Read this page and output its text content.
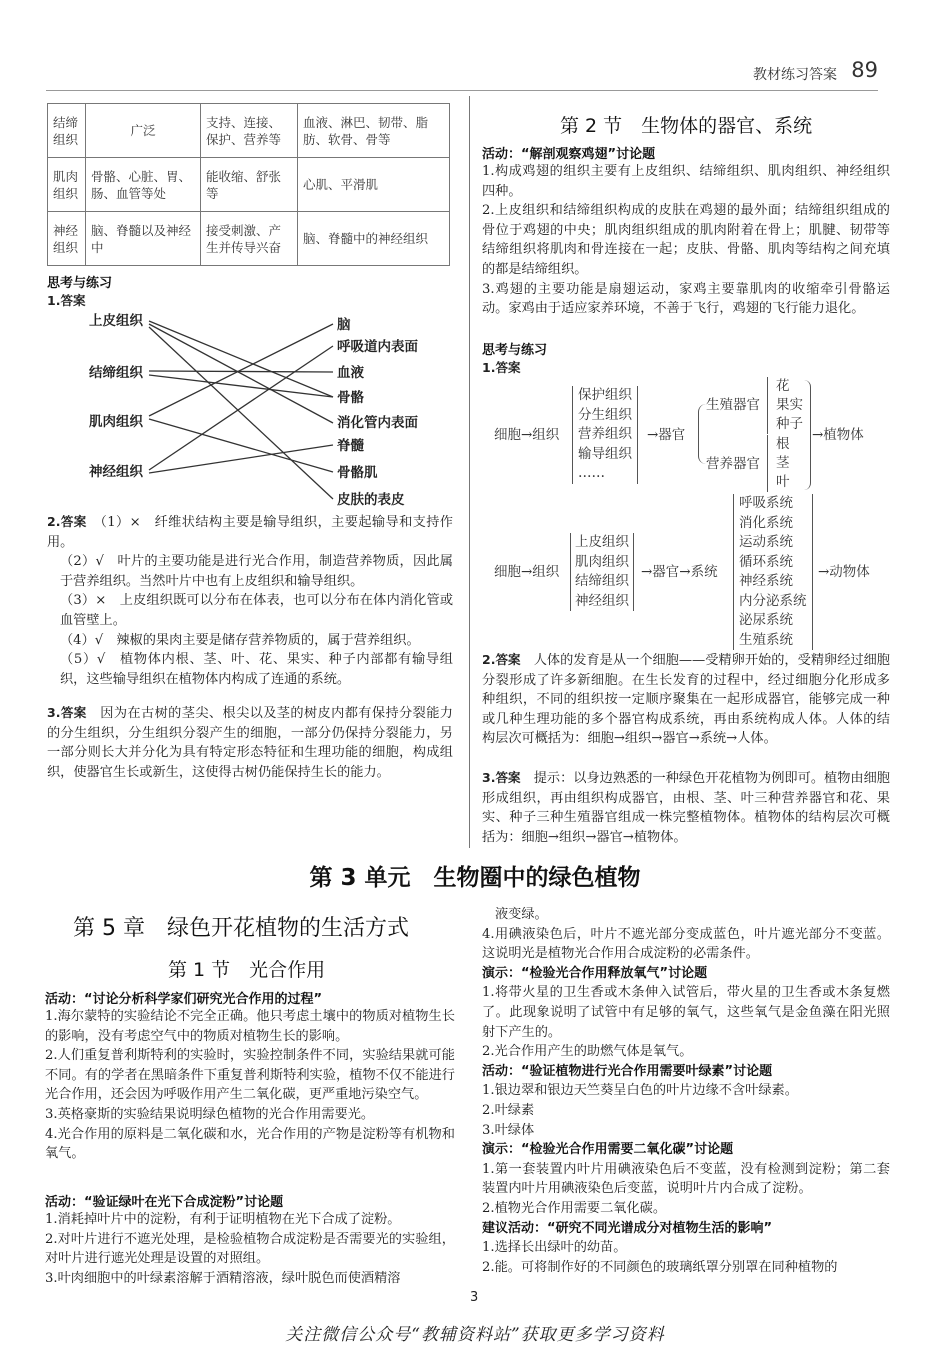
教材练习答案 89
结缔组织	广泛	支持、连接、保护、营养等	血液、淋巴、韧带、脂肪、软骨、骨等
肌肉组织	骨骼、心脏、胃、肠、血管等处	能收缩、舒张等	心肌、平滑肌
神经组织	脑、脊髓以及神经中	接受刺激、产生并传导兴奋	脑、脊髓中的神经组织
思考与练习
1.答案
上皮组织
结缔组织
肌肉组织
神经组织
脑
呼吸道内表面
血液
骨骼
消化管内表面
脊髓
骨骼肌
皮肤的表皮
2.答案　 （1）×　纤维状结构主要是输导组织，主要起输导和支持作用。
（2）√　叶片的主要功能是进行光合作用，制造营养物质，因此属于营养组织。当然叶片中也有上皮组织和输导组织。
（3）×　上皮组织既可以分布在体表，也可以分布在体内消化管或血管壁上。
（4）√　辣椒的果肉主要是储存营养物质的，属于营养组织。
（5）√　植物体内根、茎、叶、花、果实、种子内部都有输导组织，这些输导组织在植物体内构成了连通的系统。
3.答案　 因为在古树的茎尖、根尖以及茎的树皮内都有保持分裂能力的分生组织，分生组织分裂产生的细胞，一部分仍保持分裂能力，另一部分则长大并分化为具有特定形态特征和生理功能的细胞，构成组织，使器官生长或新生，这使得古树仍能保持生长的能力。
第 2 节　生物体的器官、系统
活动：“解剖观察鸡翅”讨论题
1.构成鸡翅的组织主要有上皮组织、结缔组织、肌肉组织、神经组织四种。
2.上皮组织和结缔组织构成的皮肤在鸡翅的最外面；结缔组织组成的骨位于鸡翅的中央；肌肉组织组成的肌肉附着在骨上；肌腱、韧带等结缔组织将肌肉和骨连接在一起；皮肤、骨骼、肌肉等结构之间充填的都是结缔组织。
3.鸡翅的主要功能是扇翅运动，家鸡主要靠肌肉的收缩牵引骨骼运动。家鸡由于适应家养环境，不善于飞行，鸡翅的飞行能力退化。
思考与练习
1.答案
细胞→组织
保护组织
分生组织
营养组织
输导组织
……
→器官
生殖器官
营养器官
花
果实
种子
根
茎
叶
→植物体
细胞→组织
上皮组织
肌肉组织
结缔组织
神经组织
→器官→系统
呼吸系统
消化系统
运动系统
循环系统
神经系统
内分泌系统
泌尿系统
生殖系统
→动物体
2.答案　 人体的发育是从一个细胞——受精卵开始的，受精卵经过细胞分裂形成了许多新细胞。在生长发育的过程中，经过细胞分化形成多种组织，不同的组织按一定顺序聚集在一起形成器官，能够完成一种或几种生理功能的多个器官构成系统，再由系统构成人体。人体的结构层次可概括为：细胞→组织→器官→系统→人体。
3.答案　 提示：以身边熟悉的一种绿色开花植物为例即可。植物由细胞形成组织，再由组织构成器官，由根、茎、叶三种营养器官和花、果实、种子三种生殖器官组成一株完整植物体。植物体的结构层次可概括为：细胞→组织→器官→植物体。
第 3 单元　生物圈中的绿色植物
第 5 章　绿色开花植物的生活方式
第 1 节　光合作用
活动：“讨论分析科学家们研究光合作用的过程”
1.海尔蒙特的实验结论不完全正确。他只考虑土壤中的物质对植物生长的影响，没有考虑空气中的物质对植物生长的影响。
2.人们重复普利斯特利的实验时，实验控制条件不同，实验结果就可能不同。有的学者在黑暗条件下重复普利斯特利实验，植物不仅不能进行光合作用，还会因为呼吸作用产生二氧化碳，更严重地污染空气。
3.英格豪斯的实验结果说明绿色植物的光合作用需要光。
4.光合作用的原料是二氧化碳和水，光合作用的产物是淀粉等有机物和氧气。
活动：“验证绿叶在光下合成淀粉”讨论题
1.消耗掉叶片中的淀粉，有利于证明植物在光下合成了淀粉。
2.对叶片进行不遮光处理，是检验植物合成淀粉是否需要光的实验组，对叶片进行遮光处理是设置的对照组。
3.叶肉细胞中的叶绿素溶解于酒精溶液，绿叶脱色而使酒精溶
液变绿。
4.用碘液染色后，叶片不遮光部分变成蓝色，叶片遮光部分不变蓝。这说明光是植物光合作用合成淀粉的必需条件。
演示：“检验光合作用释放氧气”讨论题
1.将带火星的卫生香或木条伸入试管后，带火星的卫生香或木条复燃了。此现象说明了试管中有足够的氧气，这些氧气是金鱼藻在阳光照射下产生的。
2.光合作用产生的助燃气体是氧气。
活动：“验证植物进行光合作用需要叶绿素”讨论题
1.银边翠和银边天竺葵呈白色的叶片边缘不含叶绿素。
2.叶绿素
3.叶绿体
演示：“检验光合作用需要二氧化碳”讨论题
1.第一套装置内叶片用碘液染色后不变蓝，没有检测到淀粉；第二套装置内叶片用碘液染色后变蓝，说明叶片内合成了淀粉。
2.植物光合作用需要二氧化碳。
建议活动：“研究不同光谱成分对植物生活的影响”
1.选择长出绿叶的幼苗。
2.能。可将制作好的不同颜色的玻璃纸罩分别罩在同种植物的
3
关注微信公众号“教辅资料站”获取更多学习资料
